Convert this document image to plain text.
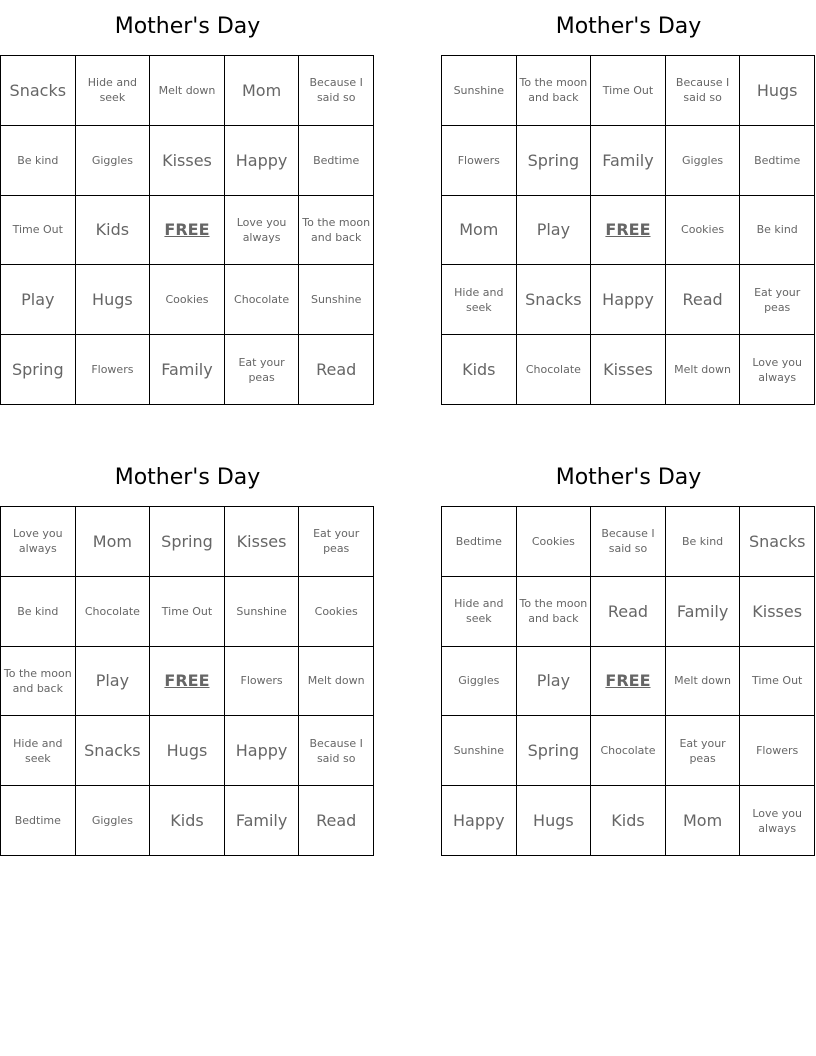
Mother's Day
Snacks	Hide and seek	Melt down	Mom	Because I said so
Be kind	Giggles	Kisses	Happy	Bedtime
Time Out	Kids	FREE	Love you always	To the moon and back
Play	Hugs	Cookies	Chocolate	Sunshine
Spring	Flowers	Family	Eat your peas	Read
Mother's Day
Sunshine	To the moon and back	Time Out	Because I said so	Hugs
Flowers	Spring	Family	Giggles	Bedtime
Mom	Play	FREE	Cookies	Be kind
Hide and seek	Snacks	Happy	Read	Eat your peas
Kids	Chocolate	Kisses	Melt down	Love you always
Mother's Day
Love you always	Mom	Spring	Kisses	Eat your peas
Be kind	Chocolate	Time Out	Sunshine	Cookies
To the moon and back	Play	FREE	Flowers	Melt down
Hide and seek	Snacks	Hugs	Happy	Because I said so
Bedtime	Giggles	Kids	Family	Read
Mother's Day
Bedtime	Cookies	Because I said so	Be kind	Snacks
Hide and seek	To the moon and back	Read	Family	Kisses
Giggles	Play	FREE	Melt down	Time Out
Sunshine	Spring	Chocolate	Eat your peas	Flowers
Happy	Hugs	Kids	Mom	Love you always
